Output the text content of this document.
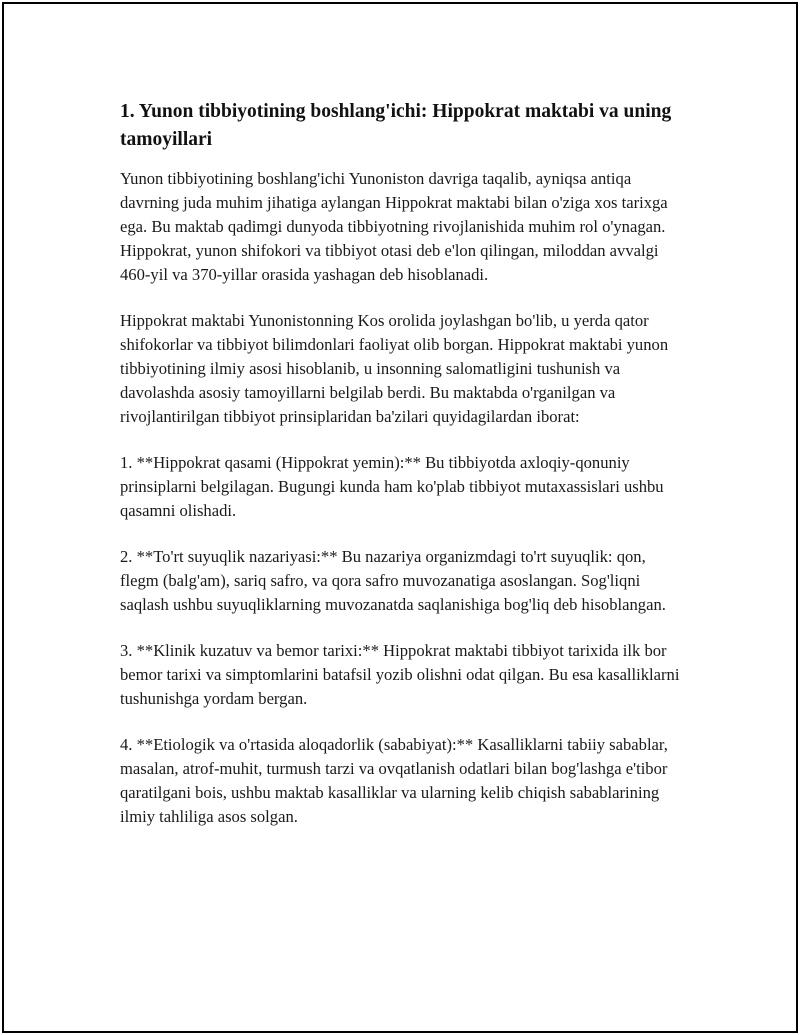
1. Yunon tibbiyotining boshlang'ichi: Hippokrat maktabi va uning tamoyillari

Yunon tibbiyotining boshlang'ichi Yunoniston davriga taqalib, ayniqsa antiqa davrning juda muhim jihatiga aylangan Hippokrat maktabi bilan o'ziga xos tarixga ega. Bu maktab qadimgi dunyoda tibbiyotning rivojlanishida muhim rol o'ynagan. Hippokrat, yunon shifokori va tibbiyot otasi deb e'lon qilingan, miloddan avvalgi 460-yil va 370-yillar orasida yashagan deb hisoblanadi.

Hippokrat maktabi Yunonistonning Kos orolida joylashgan bo'lib, u yerda qator shifokorlar va tibbiyot bilimdonlari faoliyat olib borgan. Hippokrat maktabi yunon tibbiyotining ilmiy asosi hisoblanib, u insonning salomatligini tushunish va davolashda asosiy tamoyillarni belgilab berdi. Bu maktabda o'rganilgan va rivojlantirilgan tibbiyot prinsiplaridan ba'zilari quyidagilardan iborat:

1. **Hippokrat qasami (Hippokrat yemin):** Bu tibbiyotda axloqiy-qonuniy prinsiplarni belgilagan. Bugungi kunda ham ko'plab tibbiyot mutaxassislari ushbu qasamni olishadi.

2. **To'rt suyuqlik nazariyasi:** Bu nazariya organizmdagi to'rt suyuqlik: qon, flegm (balg'am), sariq safro, va qora safro muvozanatiga asoslangan. Sog'liqni saqlash ushbu suyuqliklarning muvozanatda saqlanishiga bog'liq deb hisoblangan.

3. **Klinik kuzatuv va bemor tarixi:** Hippokrat maktabi tibbiyot tarixida ilk bor bemor tarixi va simptomlarini batafsil yozib olishni odat qilgan. Bu esa kasalliklarni tushunishga yordam bergan.

4. **Etiologik va o'rtasida aloqadorlik (sababiyat):** Kasalliklarni tabiiy sabablar, masalan, atrof-muhit, turmush tarzi va ovqatlanish odatlari bilan bog'lashga e'tibor qaratilgani bois, ushbu maktab kasalliklar va ularning kelib chiqish sabablarining ilmiy tahliliga asos solgan.
